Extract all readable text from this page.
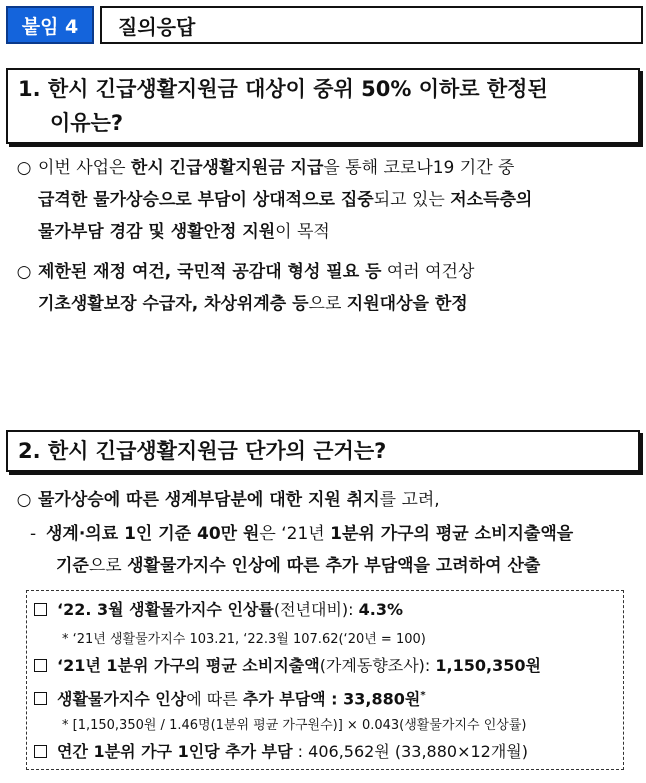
붙임 4	질의응답
1. 한시 긴급생활지원금 대상이 중위 50% 이하로 한정된
이유는?
○ 이번 사업은 한시 긴급생활지원금 지급을 통해 코로나19 기간 중
급격한 물가상승으로 부담이 상대적으로 집중되고 있는 저소득층의
물가부담 경감 및 생활안정 지원이 목적
○ 제한된 재정 여건, 국민적 공감대 형성 필요 등 여러 여건상
기초생활보장 수급자, 차상위계층 등으로 지원대상을 한정
2. 한시 긴급생활지원금 단가의 근거는?
○ 물가상승에 따른 생계부담분에 대한 지원 취지를 고려,
- 생계·의료 1인 기준 40만 원은 ‘21년 1분위 가구의 평균 소비지출액을
기준으로 생활물가지수 인상에 따른 추가 부담액을 고려하여 산출
‘22. 3월 생활물가지수 인상률(전년대비): 4.3%
* ‘21년 생활물가지수 103.21, ‘22.3월 107.62(‘20년 = 100)
‘21년 1분위 가구의 평균 소비지출액(가계동향조사): 1,150,350원
생활물가지수 인상에 따른 추가 부담액 : 33,880원*
* [1,150,350원 / 1.46명(1분위 평균 가구원수)] × 0.043(생활물가지수 인상률)
연간 1분위 가구 1인당 추가 부담 : 406,562원 (33,880×12개월)
